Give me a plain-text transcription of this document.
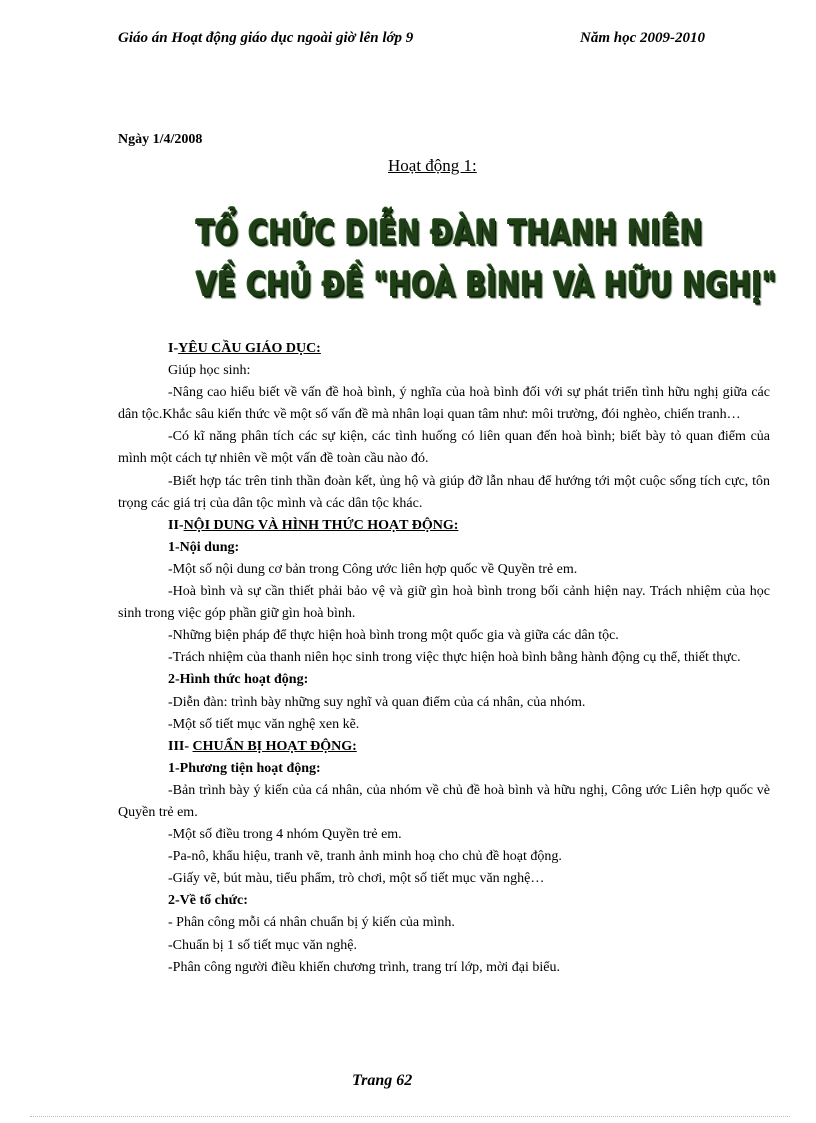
Giáo án Hoạt động giáo dục ngoài giờ lên lớp 9	Năm học 2009-2010
Ngày 1/4/2008
Hoạt động 1:
TỔ CHỨC DIỄN ĐÀN THANH NIÊN
VỀ CHỦ ĐỀ "HOÀ BÌNH VÀ HỮU NGHỊ"

I-YÊU CẦU GIÁO DỤC:

Giúp học sinh:

-Nâng cao hiểu biết về vấn đề hoà bình, ý nghĩa của hoà bình đối với sự phát triển tình hữu nghị giữa các dân tộc.Khắc sâu kiến thức về một số vấn đề mà nhân loại quan tâm như: môi trường, đói nghèo, chiến tranh…

-Có kĩ năng phân tích các sự kiện, các tình huống có liên quan đến hoà bình; biết bày tỏ quan điểm của mình một cách tự nhiên về một vấn đề toàn cầu nào đó.

-Biết hợp tác trên tinh thần đoàn kết, ủng hộ và giúp đỡ lẫn nhau để hướng tới một cuộc sống tích cực, tôn trọng các giá trị của dân tộc mình và các dân tộc khác.

II-NỘI DUNG VÀ HÌNH THỨC HOẠT ĐỘNG:

1-Nội dung:

-Một số nội dung cơ bản trong Công ước liên hợp quốc về Quyền trẻ em.

-Hoà bình và sự cần thiết phải bảo vệ và giữ gìn hoà bình trong bối cảnh hiện nay. Trách nhiệm của học sinh trong việc góp phần giữ gìn hoà bình.

-Những biện pháp để thực hiện hoà bình trong một quốc gia và giữa các dân tộc.

-Trách nhiệm của thanh niên học sinh trong việc thực hiện hoà bình bằng hành động cụ thể, thiết thực.

2-Hình thức hoạt động:

-Diễn đàn: trình bày những suy nghĩ và quan điểm của cá nhân, của nhóm.

-Một số tiết mục văn nghệ xen kẽ.

III- CHUẨN BỊ HOẠT ĐỘNG:

1-Phương tiện hoạt động:

-Bản trình bày ý kiến của cá nhân, của nhóm về chủ đề hoà bình và hữu nghị, Công ước Liên hợp quốc vè Quyền trẻ em.

-Một số điều trong 4 nhóm Quyền trẻ em.

-Pa-nô, khẩu hiệu, tranh vẽ, tranh ảnh minh hoạ cho chủ đề hoạt động.

-Giấy vẽ, bút màu, tiểu phẩm, trò chơi, một số tiết mục văn nghệ…

2-Về tổ chức:

- Phân công mỗi cá nhân chuẩn bị ý kiến của mình.

-Chuẩn bị 1 số tiết mục văn nghệ.

-Phân công người điều khiển chương trình, trang trí lớp, mời đại biểu.

Trang 62
